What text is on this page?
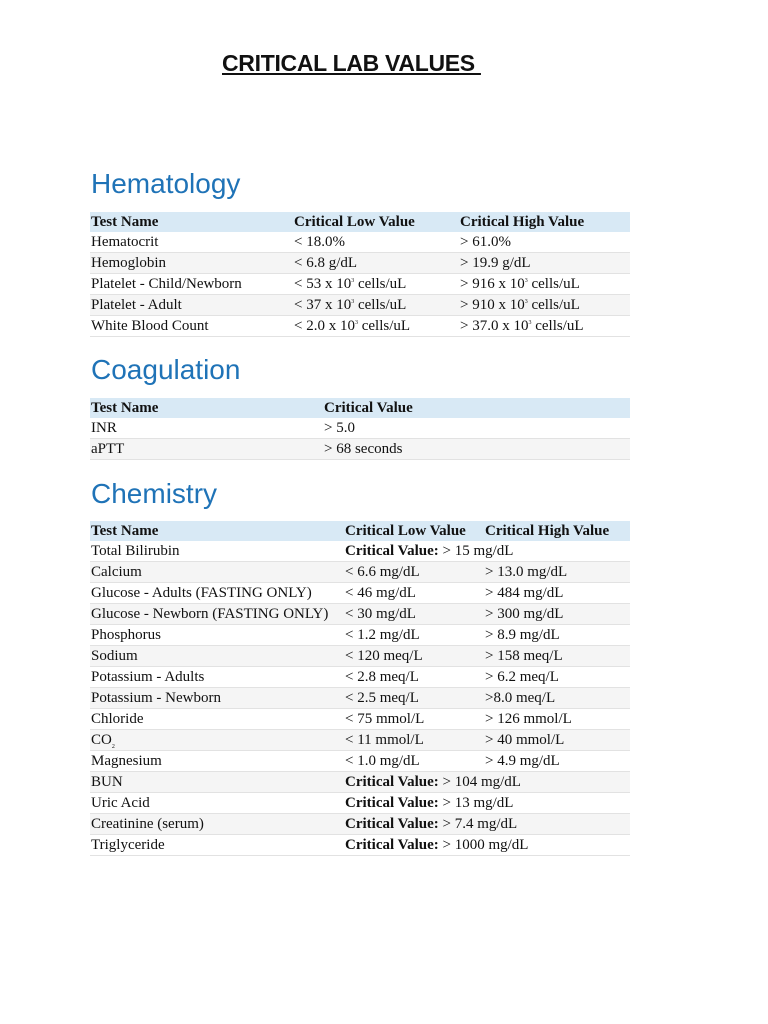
CRITICAL LAB VALUES
Hematology
Test Name	Critical Low Value	Critical High Value
Hematocrit	< 18.0%	> 61.0%
Hemoglobin	< 6.8 g/dL	> 19.9 g/dL
Platelet - Child/Newborn	< 53 x $10^3$ cells/uL	> 916 x $10^3$ cells/uL
Platelet - Adult	< 37 x $10^3$ cells/uL	> 910 x $10^3$ cells/uL
White Blood Count	< 2.0 x $10^3$ cells/uL	> 37.0 x $10^3$ cells/uL
Coagulation
Test Name	Critical Value
INR	> 5.0
aPTT	> 68 seconds
Chemistry
Test Name	Critical Low Value	Critical High Value
Total Bilirubin	Critical Value: > 15 mg/dL	
Calcium	< 6.6 mg/dL	> 13.0 mg/dL
Glucose - Adults (FASTING ONLY)	< 46 mg/dL	> 484 mg/dL
Glucose - Newborn (FASTING ONLY)	< 30 mg/dL	> 300 mg/dL
Phosphorus	< 1.2 mg/dL	> 8.9 mg/dL
Sodium	< 120 meq/L	> 158 meq/L
Potassium - Adults	< 2.8 meq/L	> 6.2 meq/L
Potassium - Newborn	< 2.5 meq/L	>8.0 meq/L
Chloride	< 75 mmol/L	> 126 mmol/L
$CO_2$	< 11 mmol/L	> 40 mmol/L
Magnesium	< 1.0 mg/dL	> 4.9 mg/dL
BUN	Critical Value: > 104 mg/dL	
Uric Acid	Critical Value: > 13 mg/dL	
Creatinine (serum)	Critical Value: > 7.4 mg/dL	
Triglyceride	Critical Value: > 1000 mg/dL	
